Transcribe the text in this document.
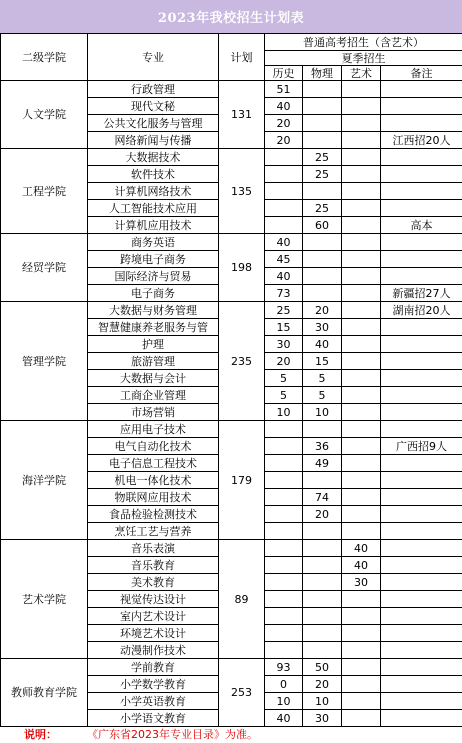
2023年我校招生计划表
二级学院	专业	计划	普通高考招生（含艺术）			
			夏季招生			
			历史	物理	艺术	备注
人文学院	行政管理	131	51			
	现代文秘		40			
	公共文化服务与管理		20			
	网络新闻与传播		20			江西招20人
工程学院	大数据技术	135		25		
	软件技术			25		
	计算机网络技术					
	人工智能技术应用			25		
	计算机应用技术			60		高本
经贸学院	商务英语	198	40			
	跨境电子商务		45			
	国际经济与贸易		40			
	电子商务		73			新疆招27人
管理学院	大数据与财务管理	235	25	20		湖南招20人
	智慧健康养老服务与管		15	30		
	护理		30	40		
	旅游管理		20	15		
	大数据与会计		5	5		
	工商企业管理		5	5		
	市场营销		10	10		
海洋学院	应用电子技术	179				
	电气自动化技术			36		广西招9人
	电子信息工程技术			49		
	机电一体化技术					
	物联网应用技术			74		
	食品检验检测技术			20		
	烹饪工艺与营养					
艺术学院	音乐表演	89			40	
	音乐教育				40	
	美术教育				30	
	视觉传达设计					
	室内艺术设计					
	环境艺术设计					
	动漫制作技术					
教师教育学院	学前教育	253	93	50		
	小学数学教育		0	20		
	小学英语教育		10	10		
	小学语文教育		40	30		
说明：	《广东省2023年专业目录》为准。
